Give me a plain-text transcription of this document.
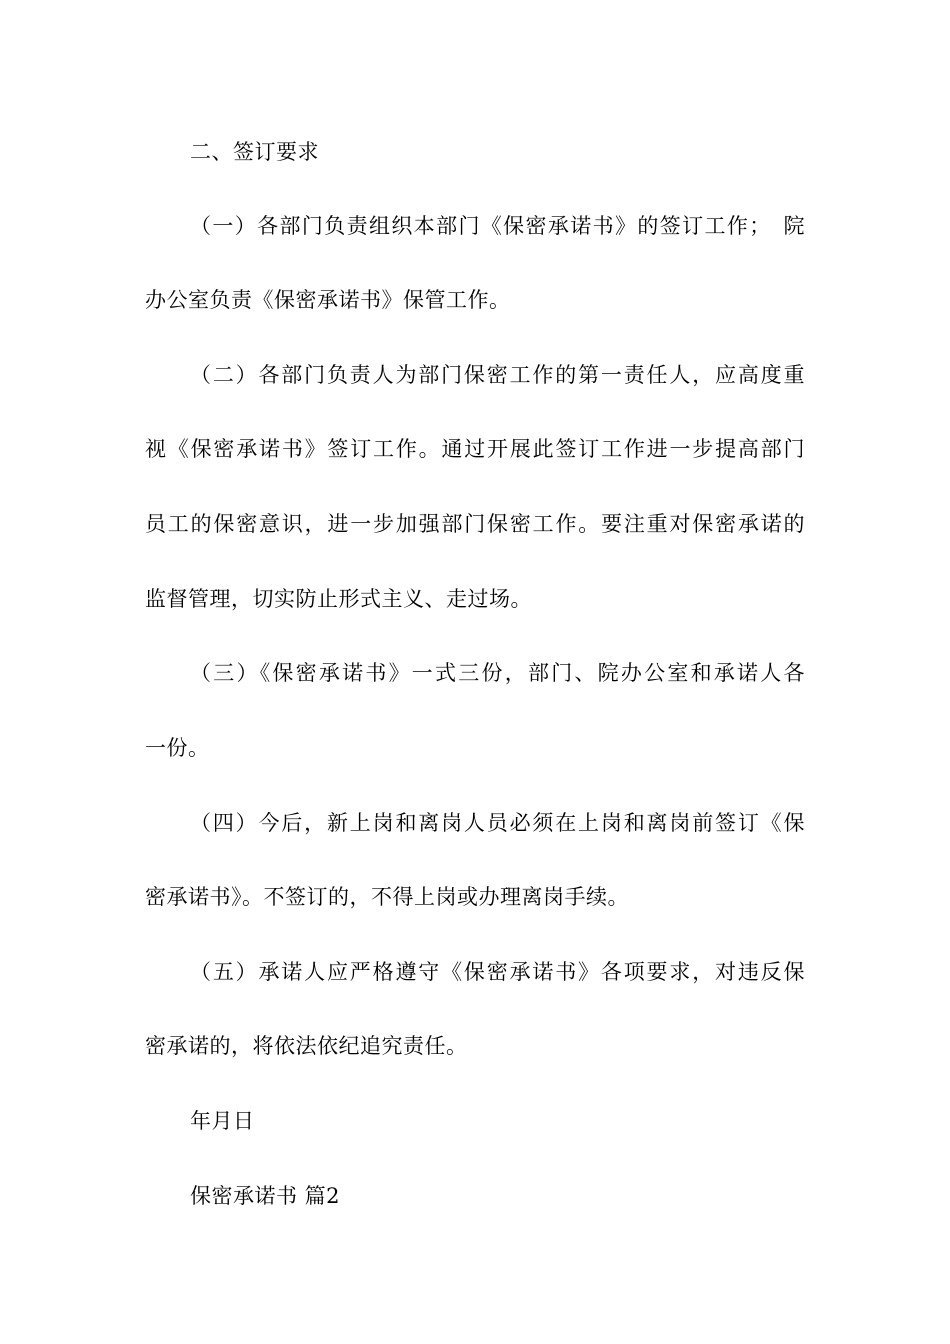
二、签订要求
（一）各部门负责组织本部门《保密承诺书》的签订工作；　院
办公室负责《保密承诺书》保管工作。
（二）各部门负责人为部门保密工作的第一责任人，应高度重
视《保密承诺书》签订工作。通过开展此签订工作进一步提高部门
员工的保密意识，进一步加强部门保密工作。要注重对保密承诺的
监督管理，切实防止形式主义、走过场。
（三）《保密承诺书》一式三份，部门、院办公室和承诺人各
一份。
（四）今后，新上岗和离岗人员必须在上岗和离岗前签订《保
密承诺书》。不签订的，不得上岗或办理离岗手续。
（五）承诺人应严格遵守《保密承诺书》各项要求，对违反保
密承诺的，将依法依纪追究责任。
年月日
保密承诺书 篇2
